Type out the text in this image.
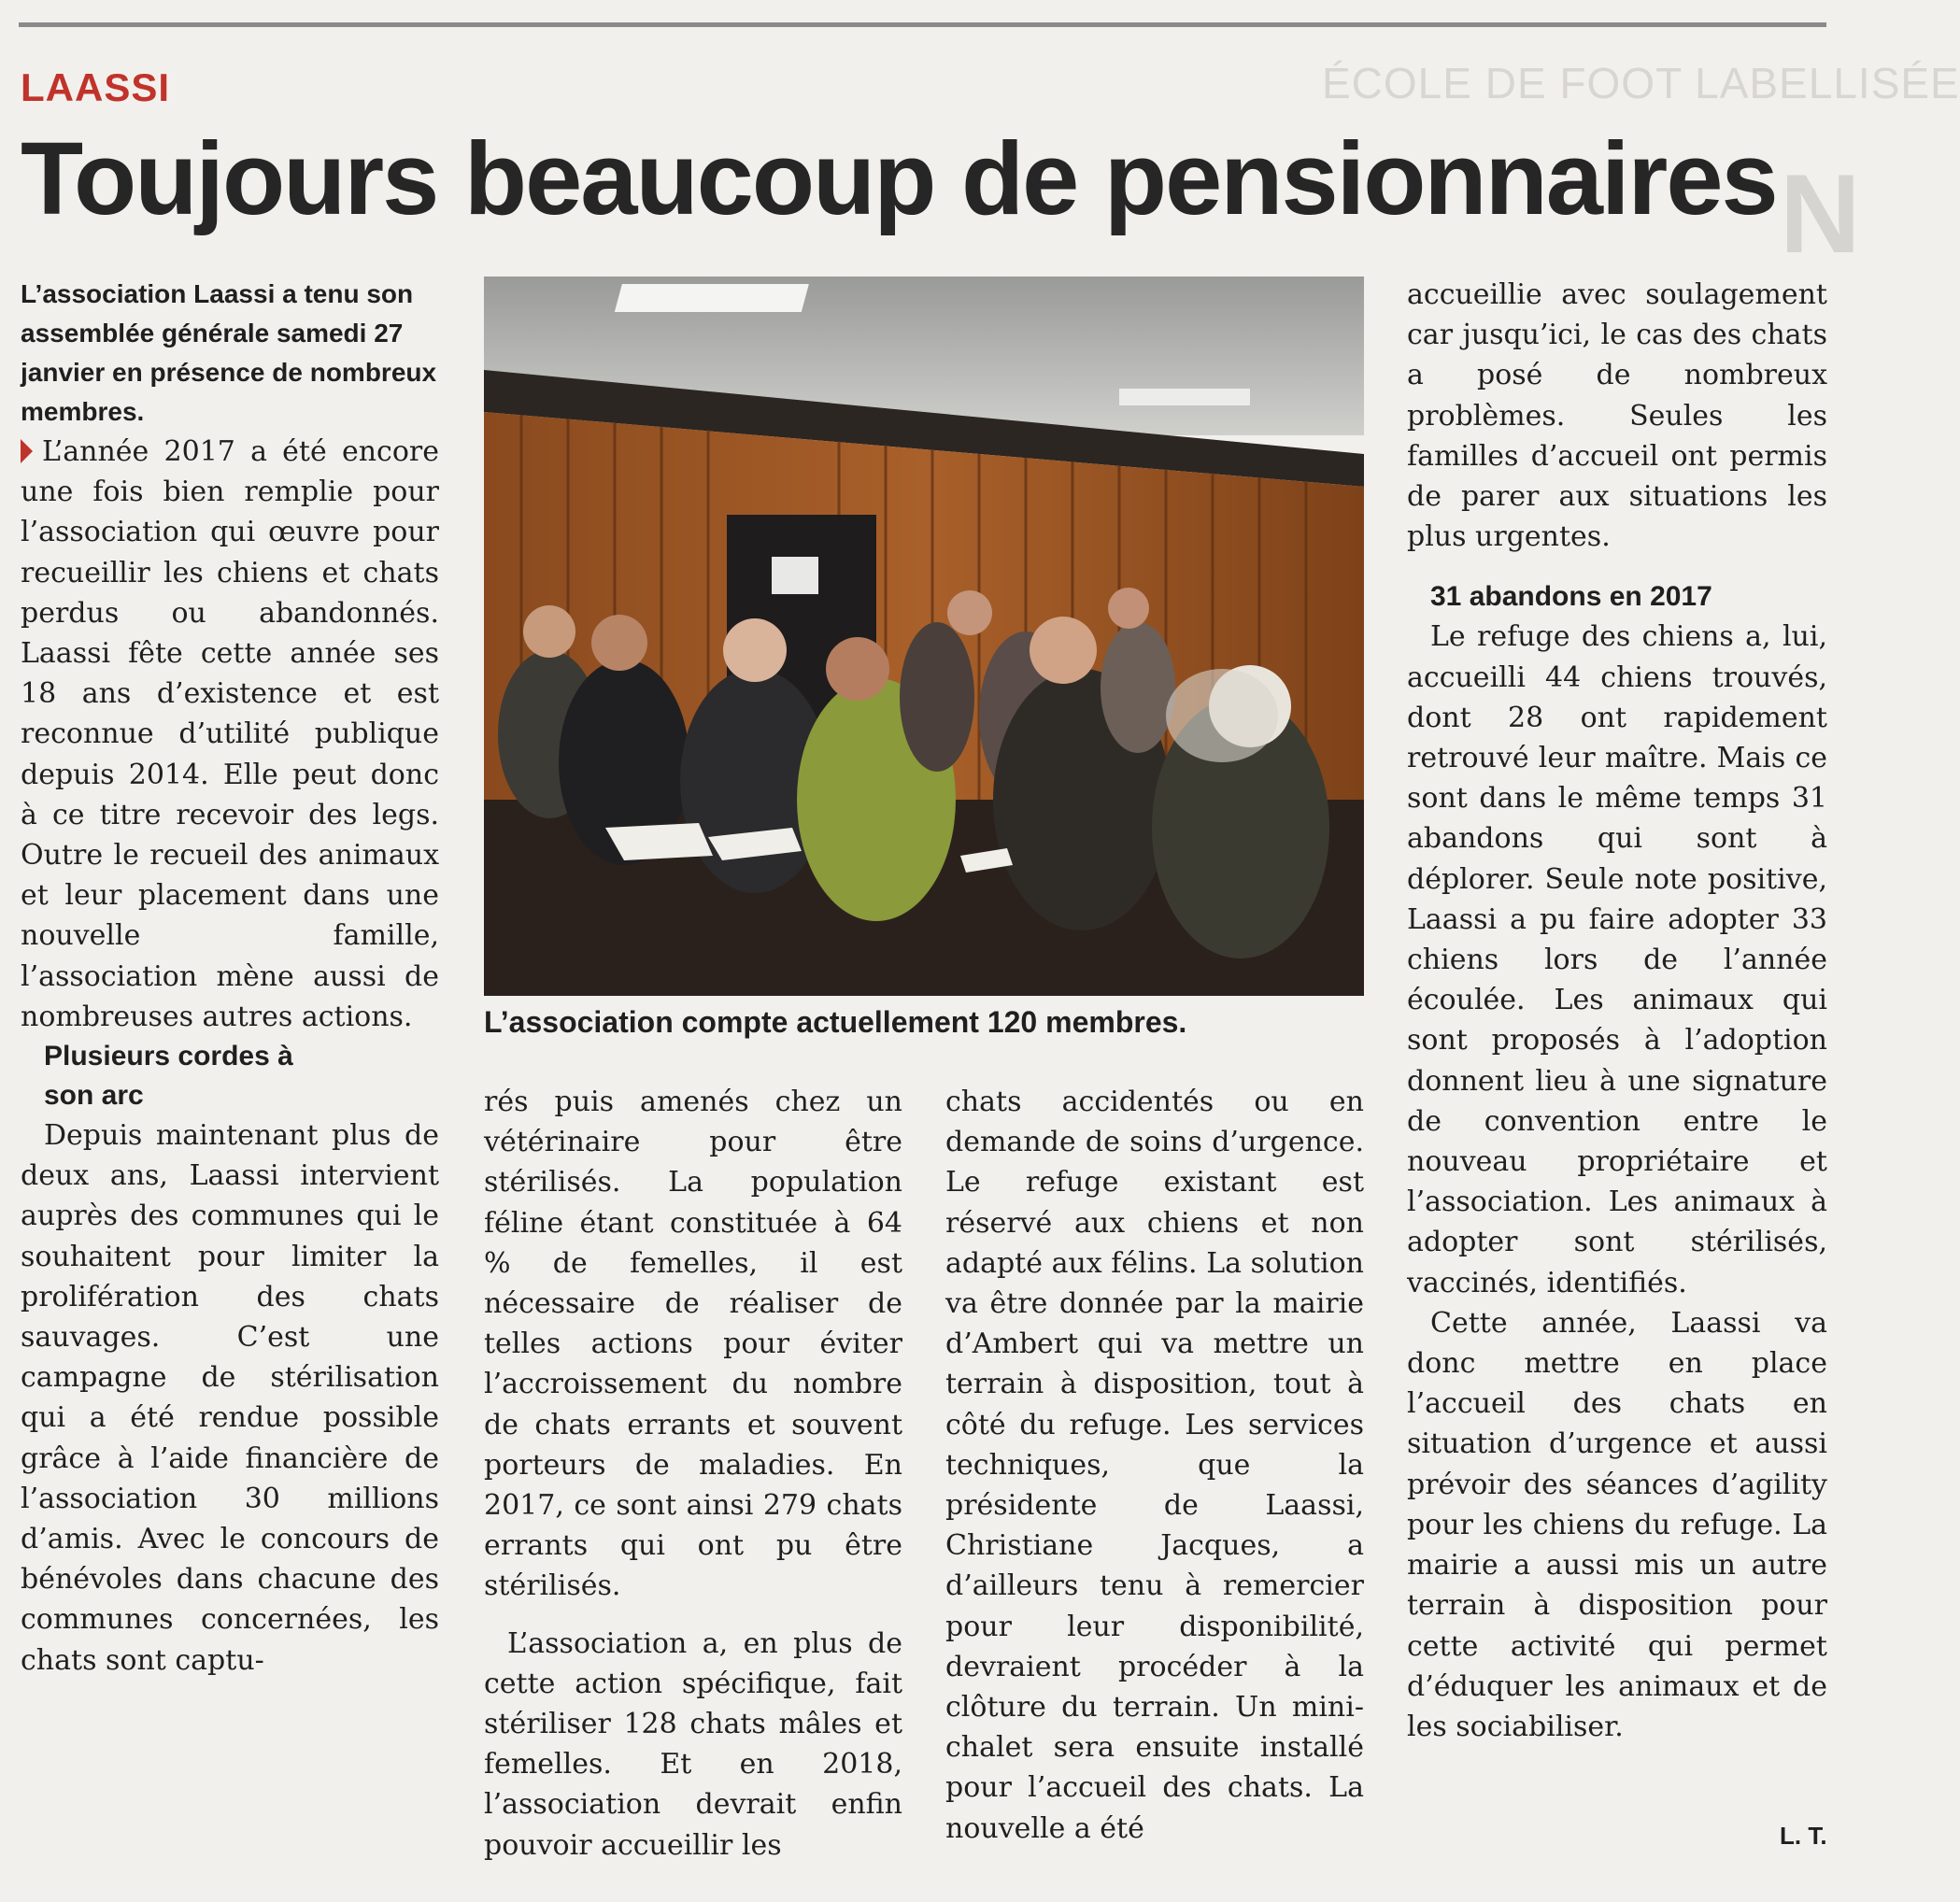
ÉCOLE DE FOOT LABELLISÉE
N
LAASSI
Toujours beaucoup de pensionnaires

L’association Laassi a tenu son assemblée générale samedi 27 janvier en présence de nombreux membres.

L’année 2017 a été encore une fois bien remplie pour l’association qui œuvre pour recueillir les chiens et chats perdus ou abandonnés. Laassi fête cette année ses 18 ans d’existence et est reconnue d’utilité publique depuis 2014. Elle peut donc à ce titre recevoir des legs. Outre le recueil des animaux et leur placement dans une nouvelle famille, l’association mène aussi de nombreuses autres actions.

Plusieurs cordes à son arc

Depuis maintenant plus de deux ans, Laassi intervient auprès des communes qui le souhaitent pour limiter la prolifération des chats sauvages. C’est une campagne de stérilisation qui a été rendue possible grâce à l’aide financière de l’association 30 millions d’amis. Avec le concours de bénévoles dans chacune des communes concernées, les chats sont captu-

L’association compte actuellement 120 membres.

rés puis amenés chez un vétérinaire pour être stérilisés. La population féline étant constituée à 64 % de femelles, il est nécessaire de réaliser de telles actions pour éviter l’accroissement du nombre de chats errants et souvent porteurs de maladies. En 2017, ce sont ainsi 279 chats errants qui ont pu être stérilisés.

L’association a, en plus de cette action spécifique, fait stériliser 128 chats mâles et femelles. Et en 2018, l’association devrait enfin pouvoir accueillir les

chats accidentés ou en demande de soins d’urgence. Le refuge existant est réservé aux chiens et non adapté aux félins. La solution va être donnée par la mairie d’Ambert qui va mettre un terrain à disposition, tout à côté du refuge. Les services techniques, que la présidente de Laassi, Christiane Jacques, a d’ailleurs tenu à remercier pour leur disponibilité, devraient procéder à la clôture du terrain. Un mini-chalet sera ensuite installé pour l’accueil des chats. La nouvelle a été

accueillie avec soulagement car jusqu’ici, le cas des chats a posé de nombreux problèmes. Seules les familles d’accueil ont permis de parer aux situations les plus urgentes.

31 abandons en 2017

Le refuge des chiens a, lui, accueilli 44 chiens trouvés, dont 28 ont rapidement retrouvé leur maître. Mais ce sont dans le même temps 31 abandons qui sont à déplorer. Seule note positive, Laassi a pu faire adopter 33 chiens lors de l’année écoulée. Les animaux qui sont proposés à l’adoption donnent lieu à une signature de convention entre le nouveau propriétaire et l’association. Les animaux à adopter sont stérilisés, vaccinés, identifiés.

Cette année, Laassi va donc mettre en place l’accueil des chats en situation d’urgence et aussi prévoir des séances d’agility pour les chiens du refuge. La mairie a aussi mis un autre terrain à disposition pour cette activité qui permet d’éduquer les animaux et de les sociabiliser.

L. T.
